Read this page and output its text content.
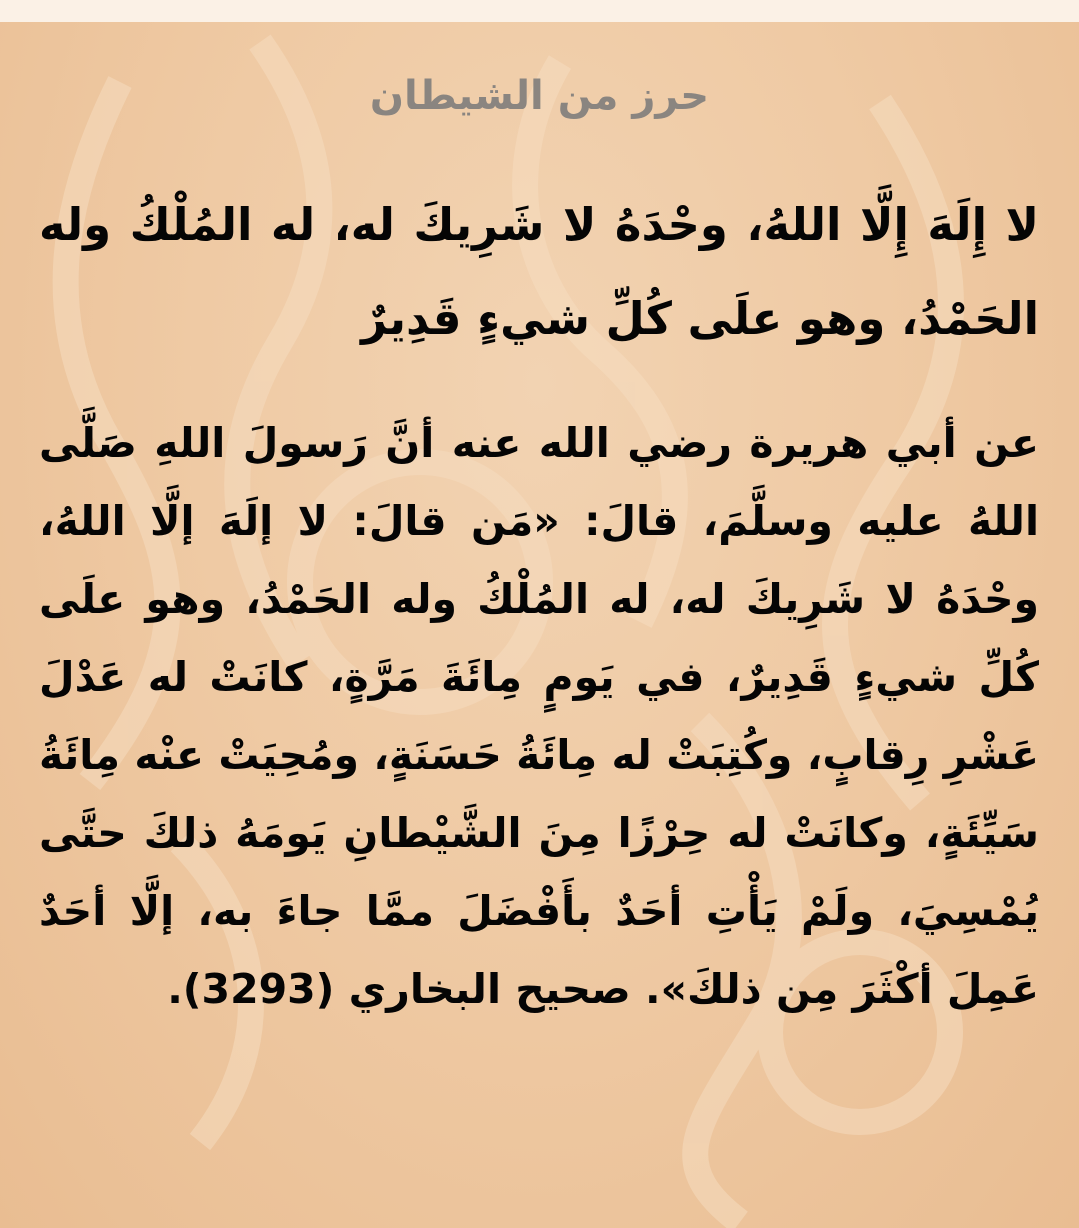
حرز من الشيطان

لا إِلَهَ إِلَّا اللهُ، وحْدَهُ لا شَرِيكَ له، له المُلْكُ وله الحَمْدُ، وهو علَى كُلِّ شيءٍ قَدِيرٌ

عن أبي هريرة رضي الله عنه أنَّ رَسولَ اللهِ صَلَّى اللهُ عليه وسلَّمَ، قالَ: «مَن قالَ: لا إلَهَ إلَّا اللهُ، وحْدَهُ لا شَرِيكَ له، له المُلْكُ وله الحَمْدُ، وهو علَى كُلِّ شيءٍ قَدِيرٌ، في يَومٍ مِائَةَ مَرَّةٍ، كانَتْ له عَدْلَ عَشْرِ رِقابٍ، وكُتِبَتْ له مِائَةُ حَسَنَةٍ، ومُحِيَتْ عنْه مِائَةُ سَيِّئَةٍ، وكانَتْ له حِرْزًا مِنَ الشَّيْطانِ يَومَهُ ذلكَ حتَّى يُمْسِيَ، ولَمْ يَأْتِ أحَدٌ بأَفْضَلَ ممَّا جاءَ به، إلَّا أحَدٌ عَمِلَ أكْثَرَ مِن ذلكَ». صحيح البخاري (3293).
